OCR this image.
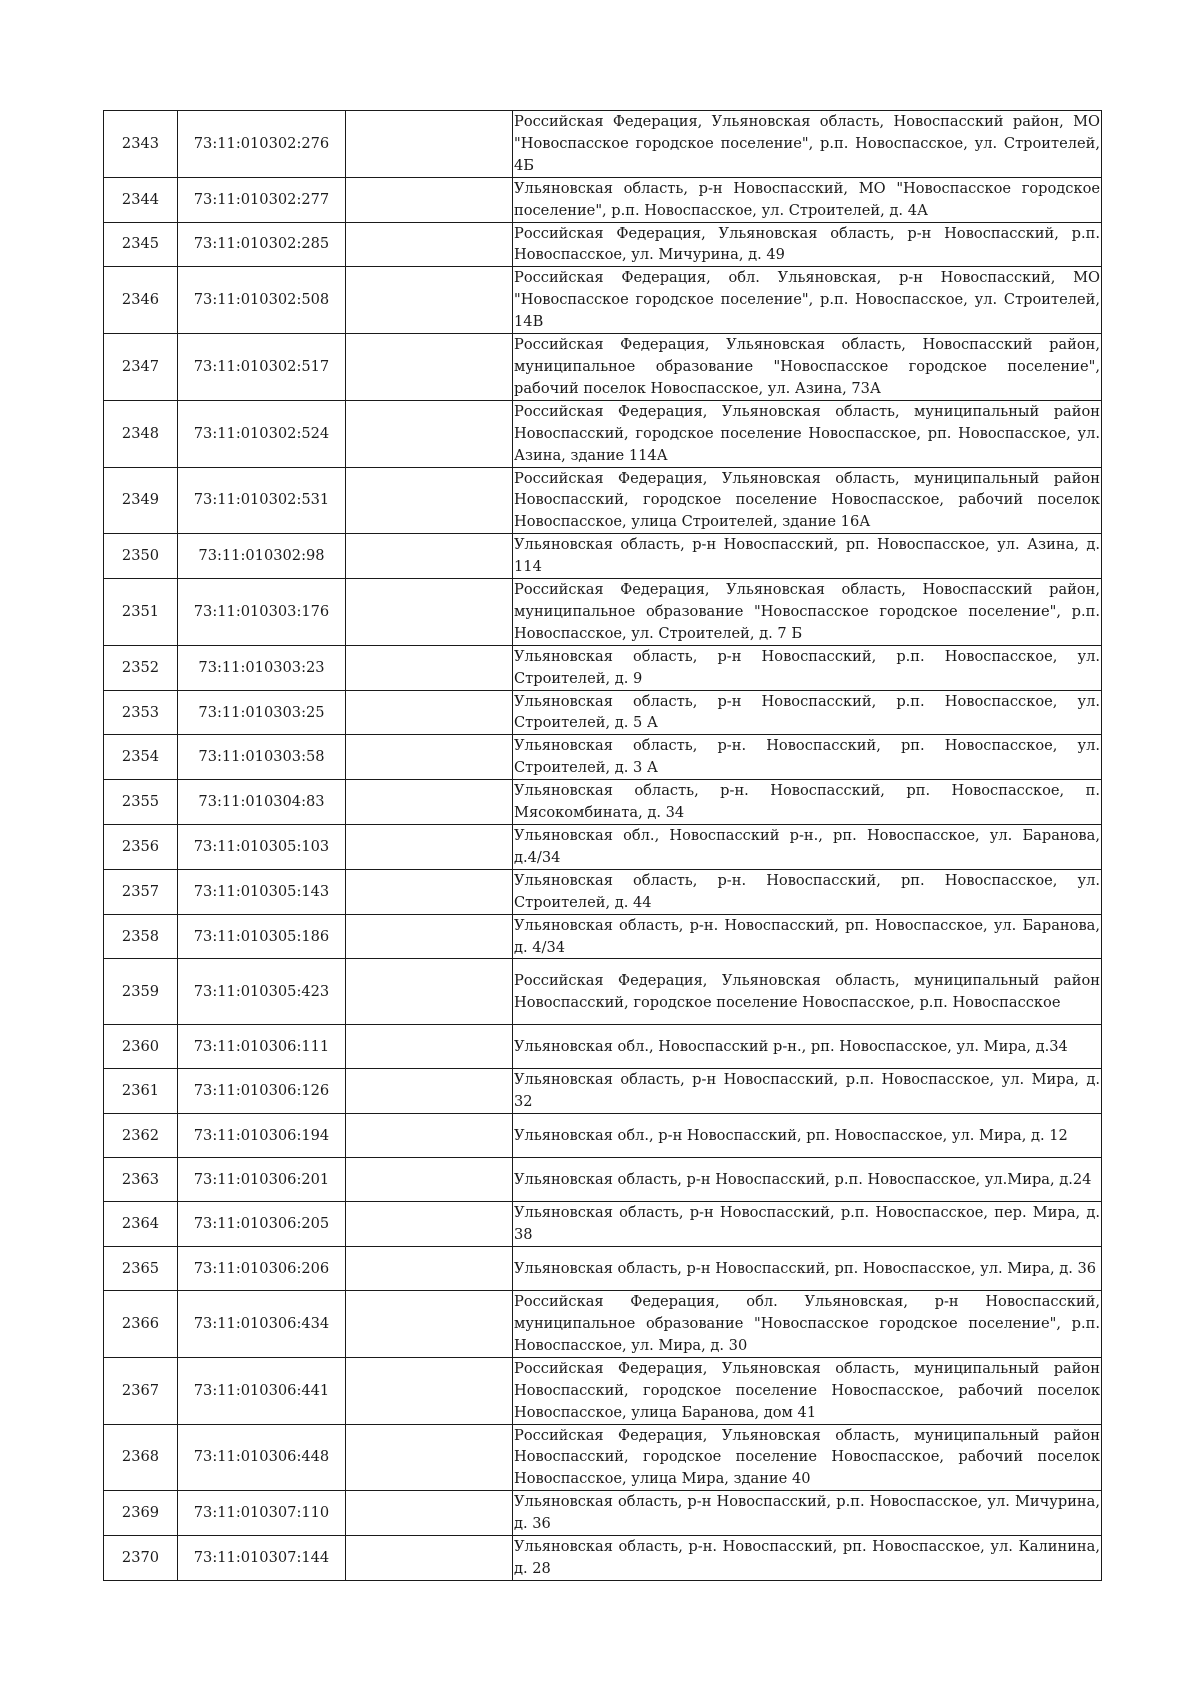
2343	73:11:010302:276		Российская Федерация, Ульяновская область, Новоспасский район, МО "Новоспасское городское поселение", р.п. Новоспасское, ул. Строителей, 4Б
2344	73:11:010302:277		Ульяновская область, р-н Новоспасский, МО "Новоспасское городское поселение", р.п. Новоспасское, ул. Строителей, д. 4А
2345	73:11:010302:285		Российская Федерация, Ульяновская область, р-н Новоспасский, р.п. Новоспасское, ул. Мичурина, д. 49
2346	73:11:010302:508		Российская Федерация, обл. Ульяновская, р-н Новоспасский, МО "Новоспасское городское поселение", р.п. Новоспасское, ул. Строителей, 14В
2347	73:11:010302:517		Российская Федерация, Ульяновская область, Новоспасский район, муниципальное образование "Новоспасское городское поселение", рабочий поселок Новоспасское, ул. Азина, 73А
2348	73:11:010302:524		Российская Федерация, Ульяновская область, муниципальный район Новоспасский, городское поселение Новоспасское, рп. Новоспасское, ул. Азина, здание 114А
2349	73:11:010302:531		Российская Федерация, Ульяновская область, муниципальный район Новоспасский, городское поселение Новоспасское, рабочий поселок Новоспасское, улица Строителей, здание 16А
2350	73:11:010302:98		Ульяновская область, р-н Новоспасский, рп. Новоспасское, ул. Азина, д. 114
2351	73:11:010303:176		Российская Федерация, Ульяновская область, Новоспасский район, муниципальное образование "Новоспасское городское поселение", р.п. Новоспасское, ул. Строителей, д. 7 Б
2352	73:11:010303:23		Ульяновская область, р-н Новоспасский, р.п. Новоспасское, ул. Строителей, д. 9
2353	73:11:010303:25		Ульяновская область, р-н Новоспасский, р.п. Новоспасское, ул. Строителей, д. 5 А
2354	73:11:010303:58		Ульяновская область, р-н. Новоспасский, рп. Новоспасское, ул. Строителей, д. 3 А
2355	73:11:010304:83		Ульяновская область, р-н. Новоспасский, рп. Новоспасское, п. Мясокомбината, д. 34
2356	73:11:010305:103		Ульяновская обл., Новоспасский р-н., рп. Новоспасское, ул. Баранова, д.4/34
2357	73:11:010305:143		Ульяновская область, р-н. Новоспасский, рп. Новоспасское, ул. Строителей, д. 44
2358	73:11:010305:186		Ульяновская область, р-н. Новоспасский, рп. Новоспасское, ул. Баранова, д. 4/34
2359	73:11:010305:423		Российская Федерация, Ульяновская область, муниципальный район Новоспасский, городское поселение Новоспасское, р.п. Новоспасское
2360	73:11:010306:111		Ульяновская обл., Новоспасский р-н., рп. Новоспасское, ул. Мира, д.34
2361	73:11:010306:126		Ульяновская область, р-н Новоспасский, р.п. Новоспасское, ул. Мира, д. 32
2362	73:11:010306:194		Ульяновская обл., р-н Новоспасский, рп. Новоспасское, ул. Мира, д. 12
2363	73:11:010306:201		Ульяновская область, р-н Новоспасский, р.п. Новоспасское, ул.Мира, д.24
2364	73:11:010306:205		Ульяновская область, р-н Новоспасский, р.п. Новоспасское, пер. Мира, д. 38
2365	73:11:010306:206		Ульяновская область, р-н Новоспасский, рп. Новоспасское, ул. Мира, д. 36
2366	73:11:010306:434		Российская Федерация, обл. Ульяновская, р-н Новоспасский, муниципальное образование "Новоспасское городское поселение", р.п. Новоспасское, ул. Мира, д. 30
2367	73:11:010306:441		Российская Федерация, Ульяновская область, муниципальный район Новоспасский, городское поселение Новоспасское, рабочий поселок Новоспасское, улица Баранова, дом 41
2368	73:11:010306:448		Российская Федерация, Ульяновская область, муниципальный район Новоспасский, городское поселение Новоспасское, рабочий поселок Новоспасское, улица Мира, здание 40
2369	73:11:010307:110		Ульяновская область, р-н Новоспасский, р.п. Новоспасское, ул. Мичурина, д. 36
2370	73:11:010307:144		Ульяновская область, р-н. Новоспасский, рп. Новоспасское, ул. Калинина, д. 28
